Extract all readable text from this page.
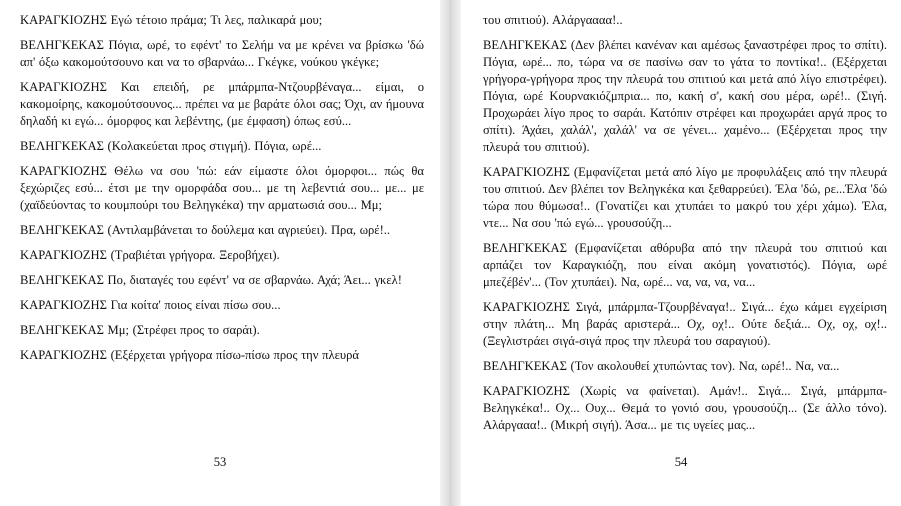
ΚΑΡΑΓΚΙΟΖΗΣ Εγώ τέτοιο πράμα; Τι λες, παλικαρά μου;

ΒΕΛΗΓΚΕΚΑΣ Πόγια, ωρέ, το εφέντ' το Σελήμ να με κρένει να βρίσκω 'δώ απ' όξω κακομούτσουνο και να το σβαρνάω... Γκέγκε, νούκου γκέγκε;

ΚΑΡΑΓΚΙΟΖΗΣ Και επειδή, ρε μπάρμπα-Ντζουρβέναγα... είμαι, ο κακομοίρης, κακομούτσουνος... πρέπει να με βαράτε όλοι σας; Όχι, αν ήμουνα δηλαδή κι εγώ... όμορφος και λεβέντης, (με έμφαση) όπως εσύ...

ΒΕΛΗΓΚΕΚΑΣ (Κολακεύεται προς στιγμή). Πόγια, ωρέ...

ΚΑΡΑΓΚΙΟΖΗΣ Θέλω να σου 'πώ: εάν είμαστε όλοι όμορφοι... πώς θα ξεχώριζες εσύ... έτσι με την ομορφάδα σου... με τη λεβεντιά σου... με... με (χαϊδεύοντας το κουμπούρι του Βεληγκέκα) την αρματωσιά σου... Μμ;

ΒΕΛΗΓΚΕΚΑΣ (Αντιλαμβάνεται το δούλεμα και αγριεύει). Πρα, ωρέ!..

ΚΑΡΑΓΚΙΟΖΗΣ (Τραβιέται γρήγορα. Ξεροβήχει).

ΒΕΛΗΓΚΕΚΑΣ Πο, διαταγές του εφέντ' να σε σβαρνάω. Αχά; Άει... γκελ!

ΚΑΡΑΓΚΙΟΖΗΣ Για κοίτα' ποιος είναι πίσω σου...

ΒΕΛΗΓΚΕΚΑΣ Μμ; (Στρέφει προς το σαράι).

ΚΑΡΑΓΚΙΟΖΗΣ (Εξέρχεται γρήγορα πίσω-πίσω προς την πλευρά

53

του σπιτιού). Αλάργαααα!..

ΒΕΛΗΓΚΕΚΑΣ (Δεν βλέπει κανέναν και αμέσως ξαναστρέφει προς το σπίτι). Πόγια, ωρέ... πο, τώρα να σε πασίνω σαν το γάτα το ποντίκα!.. (Εξέρχεται γρήγορα-γρήγορα προς την πλευρά του σπιτιού και μετά από λίγο επιστρέφει). Πόγια, ωρέ Κουρνακιόζμπρια... πο, κακή σ', κακή σου μέρα, ωρέ!.. (Σιγή. Προχωράει λίγο προς το σαράι. Κατόπιν στρέφει και προχωράει αργά προς το σπίτι). Άχάει, χαλάλ', χαλάλ' να σε γένει... χαμένο... (Εξέρχεται προς την πλευρά του σπιτιού).

ΚΑΡΑΓΚΙΟΖΗΣ (Εμφανίζεται μετά από λίγο με προφυλάξεις από την πλευρά του σπιτιού. Δεν βλέπει τον Βεληγκέκα και ξεθαρρεύει). Έλα 'δώ, ρε...Έλα 'δώ τώρα που θύμωσα!.. (Γονατίζει και χτυπάει το μακρύ του χέρι χάμω). Έλα, ντε... Να σου 'πώ εγώ... γρουσούζη...

ΒΕΛΗΓΚΕΚΑΣ (Εμφανίζεται αθόρυβα από την πλευρά του σπιτιού και αρπάζει τον Καραγκιόζη, που είναι ακόμη γονατιστός). Πόγια, ωρέ μπεζέβέν'... (Τον χτυπάει). Να, ωρέ... να, να, να, να...

ΚΑΡΑΓΚΙΟΖΗΣ Σιγά, μπάρμπα-Τζουρβέναγα!.. Σιγά... έχω κάμει εγχείριση στην πλάτη... Μη βαράς αριστερά... Οχ, οχ!.. Ούτε δεξιά... Οχ, οχ, οχ!.. (Ξεγλιστράει σιγά-σιγά προς την πλευρά του σαραγιού).

ΒΕΛΗΓΚΕΚΑΣ (Τον ακολουθεί χτυπώντας τον). Να, ωρέ!.. Να, να...

ΚΑΡΑΓΚΙΟΖΗΣ (Χωρίς να φαίνεται). Αμάν!.. Σιγά... Σιγά, μπάρμπα-Βεληγκέκα!.. Οχ... Ουχ... Θεμά το γονιό σου, γρουσούζη... (Σε άλλο τόνο). Αλάργααα!.. (Μικρή σιγή). Άσα... με τις υγείες μας...

54
